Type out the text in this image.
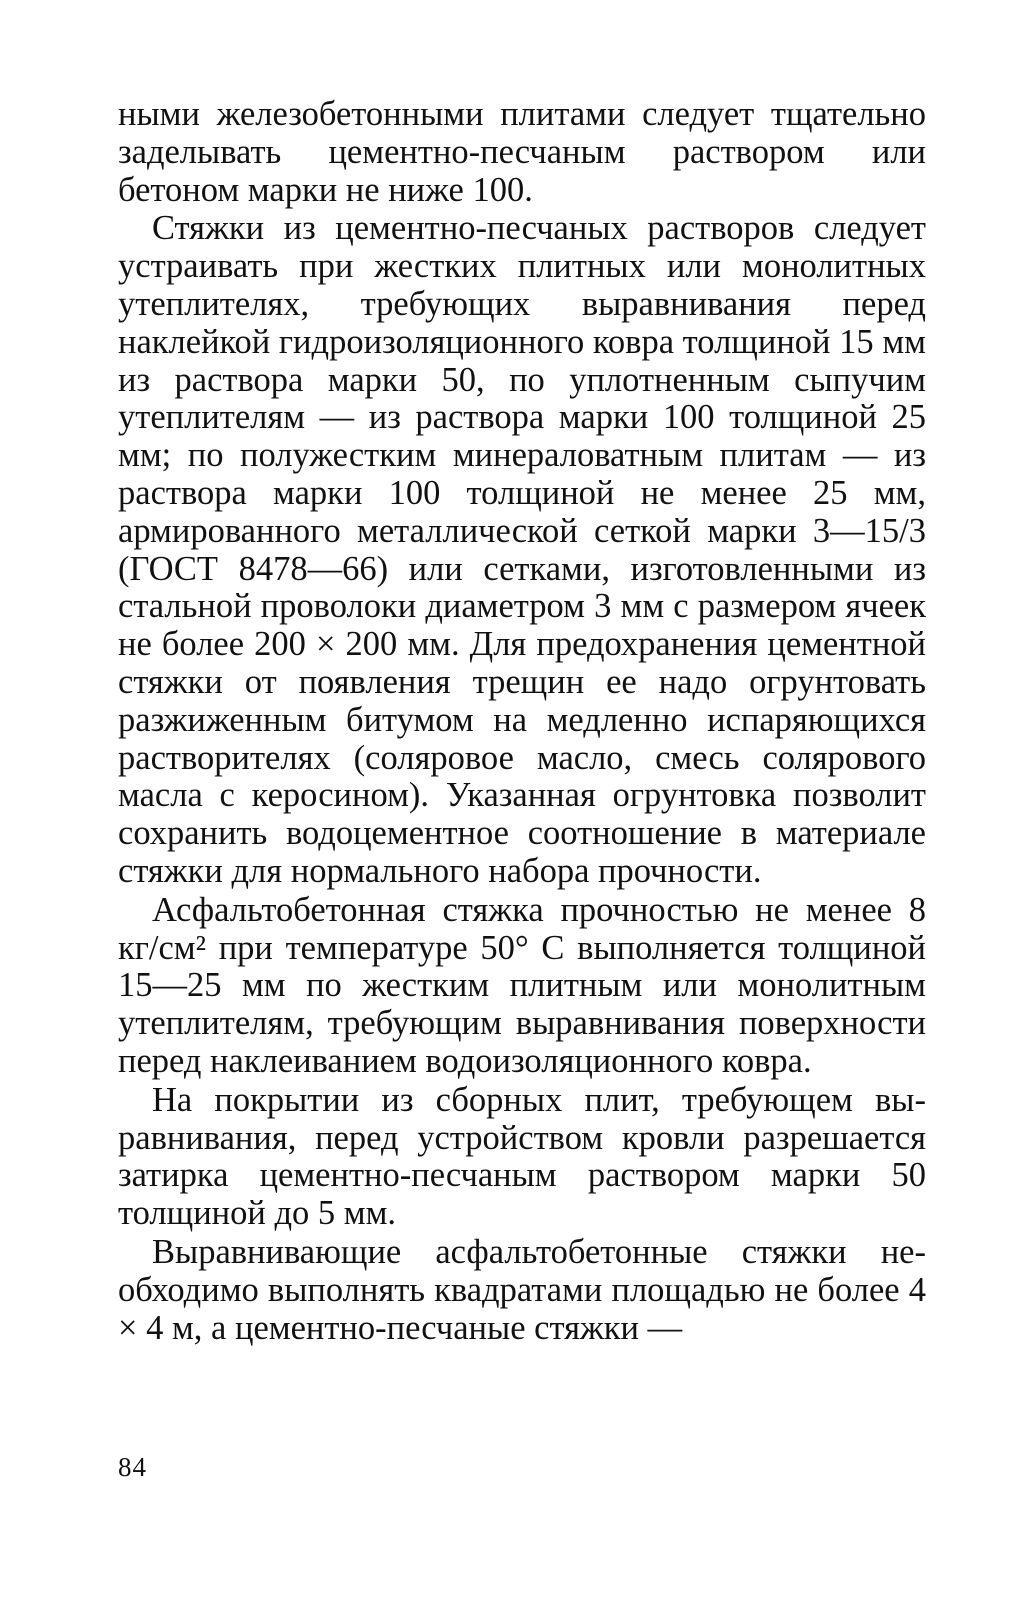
ными железобетонными плитами следует тщательно заделывать цементно-песчаным раствором или бетоном марки не ниже 100.

Стяжки из цементно-песчаных растворов следует устраивать при жестких плитных или монолитных утеплителях, требующих выравнивания перед наклейкой гидроизоляционного ковра толщиной 15 мм из раствора марки 50, по уплотненным сыпучим утеплителям — из раствора марки 100 толщиной 25 мм; по полужестким минераловатным плитам — из раствора марки 100 толщиной не менее 25 мм, армированного металлической сеткой марки 3—15/3 (ГОСТ 8478—66) или сетками, изготовленными из стальной проволоки диаметром 3 мм с размером ячеек не более 200 × 200 мм. Для предохранения цементной стяжки от появления трещин ее надо огрунтовать разжиженным битумом на медленно испаряющихся растворителях (соляровое масло, смесь солярового масла с керосином). Указанная огрунтовка позволит сохранить водоцементное соотношение в материале стяжки для нормального набора прочности.

Асфальтобетонная стяжка прочностью не менее 8 кг/см² при температуре 50° С выполняется толщиной 15—25 мм по жестким плитным или монолитным утеплителям, требующим выравнивания поверхности перед наклеиванием водоизоляционного ковра.

На покрытии из сборных плит, требующем выравнивания, перед устройством кровли разрешается затирка цементно-песчаным раствором марки 50 толщиной до 5 мм.

Выравнивающие асфальтобетонные стяжки необходимо выполнять квадратами площадью не более 4 × 4 м, а цементно-песчаные стяжки —

84
